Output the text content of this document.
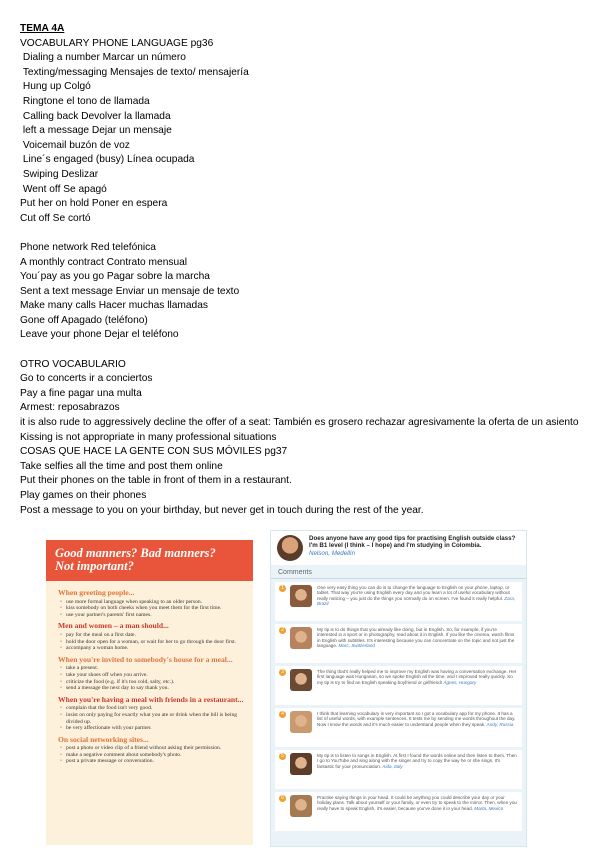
TEMA 4A
VOCABULARY PHONE LANGUAGE pg36
Dialing a number Marcar un número
Texting/messaging Mensajes de texto/ mensajería
Hung up Colgó
Ringtone el tono de llamada
Calling back Devolver la llamada
left a message Dejar un mensaje
Voicemail buzón de voz
Line´s engaged (busy) Línea ocupada
Swiping Deslizar
Went off Se apagó
Put her on hold Poner en espera
Cut off Se cortó
Phone network Red telefónica
A monthly contract Contrato mensual
You´pay as you go Pagar sobre la marcha
Sent a text message Enviar un mensaje de texto
Make many calls Hacer muchas llamadas
Gone off Apagado (teléfono)
Leave your phone Dejar el teléfono
OTRO VOCABULARIO
Go to concerts ir a conciertos
Pay a fine pagar una multa
Armest: reposabrazos
it is also rude to aggressively decline the offer of a seat: También es grosero rechazar agresivamente la oferta de un asiento
Kissing is not appropriate in many professional situations
COSAS QUE HACE LA GENTE CON SUS MÓVILES pg37
Take selfies all the time and post them online
Put their phones on the table in front of them in a restaurant.
Play games on their phones
Post a message to you on your birthday, but never get in touch during the rest of the year.
Good manners? Bad manners?
Not important?
When greeting people...
• use more formal language when speaking to an older person.
• kiss somebody on both cheeks when you meet them for the first time.
• use your partner's parents' first names.
Men and women – a man should...
• pay for the meal on a first date.
• hold the door open for a woman, or wait for her to go through the door first.
• accompany a woman home.
When you're invited to somebody's house for a meal...
• take a present.
• take your shoes off when you arrive.
• criticize the food (e.g. if it's too cold, salty, etc.).
• send a message the next day to say thank you.
When you're having a meal with friends in a restaurant...
• complain that the food isn't very good.
• insist on only paying for exactly what you ate or drink when the bill is being divided up.
• be very affectionate with your partner.
On social networking sites...
• post a photo or video clip of a friend without asking their permission.
• make a negative comment about somebody's photo.
• post a private message or conversation.
Does anyone have any good tips for practising English outside class? I'm B1 level (I think – I hope) and I'm studying in Colombia.
Nelson, Medellín
Comments
1	One very easy thing you can do is to change the language to English on your phone, laptop, or tablet. That way you're using English every day and you learn a lot of useful vocabulary without really noticing – you just do the things you normally do on screen. I've found it really helpful. Zara, Brazil
2	My tip is to do things that you already like doing, but in English. So, for example, if you're interested in a sport or in photography, read about it in English. If you like the cinema, watch films in English with subtitles. It's interesting because you can concentrate on the topic and not just the language. Marc, Switzerland
3	The thing that's really helped me to improve my English was having a conversation exchange. Her first language was Hungarian, so we spoke English all the time, and I improved really quickly. So my tip is try to find an English speaking boyfriend or girlfriend! Ágnes, Hungary
4	I think that learning vocabulary is very important so I got a vocabulary app for my phone. It has a list of useful words, with example sentences. It tests me by sending me words throughout the day. Now I know the words and it's much easier to understand people when they speak. Andy, Russia
5	My tip is to listen to songs in English. At first I found the words online and then listen to them. Then I go to YouTube and sing along with the singer and try to copy the way he or she sings. It's fantastic for your pronunciation. Aida, Italy
6	Practise saying things in your head. It could be anything you could describe your day or your holiday plans. Talk about yourself or your family, or even try to speak to the mirror. Then, when you really have to speak English, it's easier, because you've done it in your head. Marta, Mexico
